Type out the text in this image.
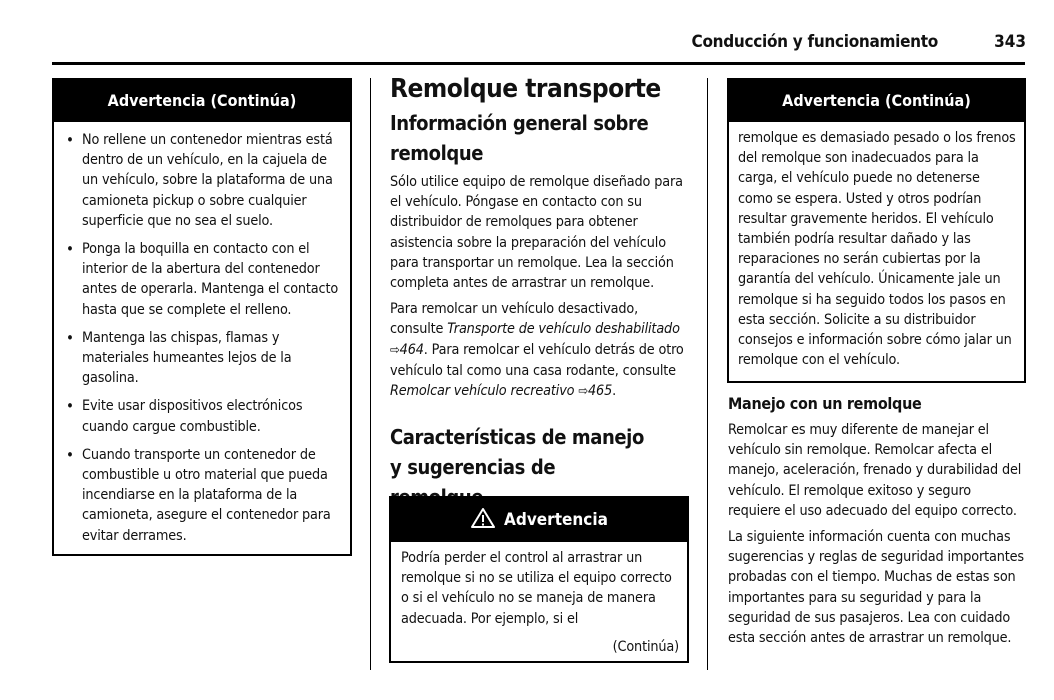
Conducción y funcionamiento	343
Advertencia (Continúa)
• No rellene un contenedor mientras está dentro de un vehículo, en la cajuela de un vehículo, sobre la plataforma de una camioneta pickup o sobre cualquier superficie que no sea el suelo.
• Ponga la boquilla en contacto con el interior de la abertura del contenedor antes de operarla. Mantenga el contacto hasta que se complete el relleno.
• Mantenga las chispas, flamas y materiales humeantes lejos de la gasolina.
• Evite usar dispositivos electrónicos cuando cargue combustible.
• Cuando transporte un contenedor de combustible u otro material que pueda incendiarse en la plataforma de la camioneta, asegure el contenedor para evitar derrames.
Remolque transporte
Información general sobre remolque

Sólo utilice equipo de remolque diseñado para el vehículo. Póngase en contacto con su distribuidor de remolques para obtener asistencia sobre la preparación del vehículo para transportar un remolque. Lea la sección completa antes de arrastrar un remolque.

Para remolcar un vehículo desactivado, consulte Transporte de vehículo deshabilitado ⇨464. Para remolcar el vehículo detrás de otro vehículo tal como una casa rodante, consulte Remolcar vehículo recreativo ⇨465.

Características de manejo y sugerencias de
Advertencia

Podría perder el control al arrastrar un remolque si no se utiliza el equipo correcto o si el vehículo no se maneja de manera adecuada. Por ejemplo, si el

(Continúa)
Advertencia (Continúa)

remolque es demasiado pesado o los frenos del remolque son inadecuados para la carga, el vehículo puede no detenerse como se espera. Usted y otros podrían resultar gravemente heridos. El vehículo también podría resultar dañado y las reparaciones no serán cubiertas por la garantía del vehículo. Únicamente jale un remolque si ha seguido todos los pasos en esta sección. Solicite a su distribuidor consejos e información sobre cómo jalar un remolque con el vehículo.

Manejo con un remolque

Remolcar es muy diferente de manejar el vehículo sin remolque. Remolcar afecta el manejo, aceleración, frenado y durabilidad del vehículo. El remolque exitoso y seguro requiere el uso adecuado del equipo correcto.

La siguiente información cuenta con muchas sugerencias y reglas de seguridad importantes probadas con el tiempo. Muchas de estas son importantes para su seguridad y para la seguridad de sus pasajeros. Lea con cuidado esta sección antes de arrastrar un remolque.
